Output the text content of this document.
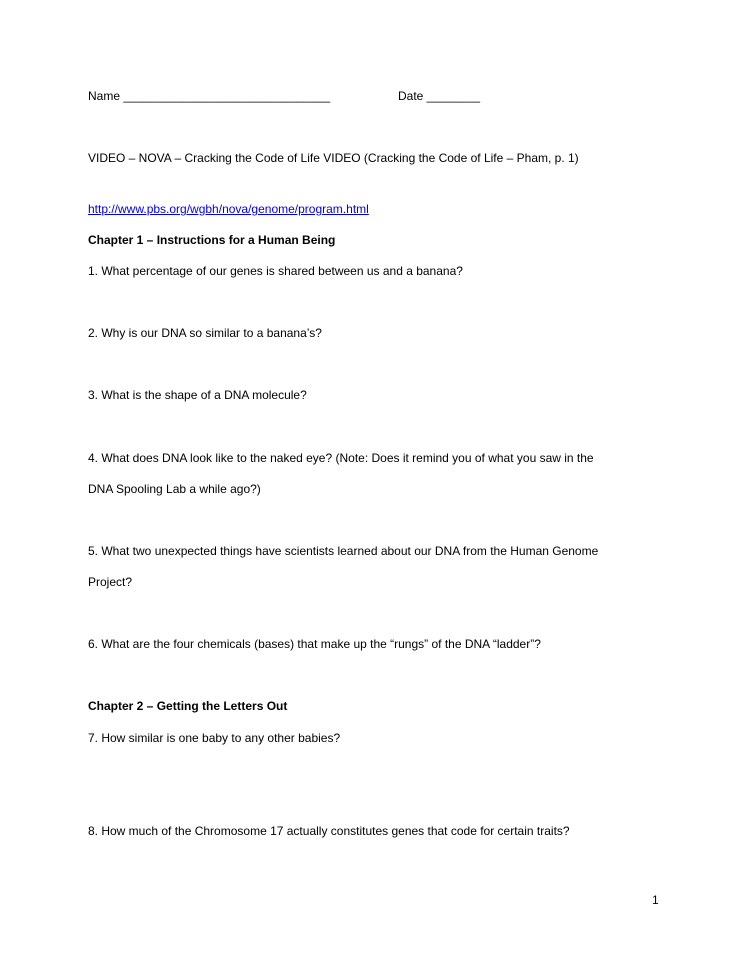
Name _______________________________	Date ________
VIDEO – NOVA – Cracking the Code of Life VIDEO (Cracking the Code of Life – Pham, p. 1)
http://www.pbs.org/wgbh/nova/genome/program.html
Chapter 1 – Instructions for a Human Being
1. What percentage of our genes is shared between us and a banana?
2. Why is our DNA so similar to a banana’s?
3. What is the shape of a DNA molecule?
4. What does DNA look like to the naked eye? (Note: Does it remind you of what you saw in the
DNA Spooling Lab a while ago?)
5. What two unexpected things have scientists learned about our DNA from the Human Genome
Project?
6. What are the four chemicals (bases) that make up the “rungs” of the DNA “ladder”?
Chapter 2 – Getting the Letters Out
7. How similar is one baby to any other babies?
8. How much of the Chromosome 17 actually constitutes genes that code for certain traits?
1
